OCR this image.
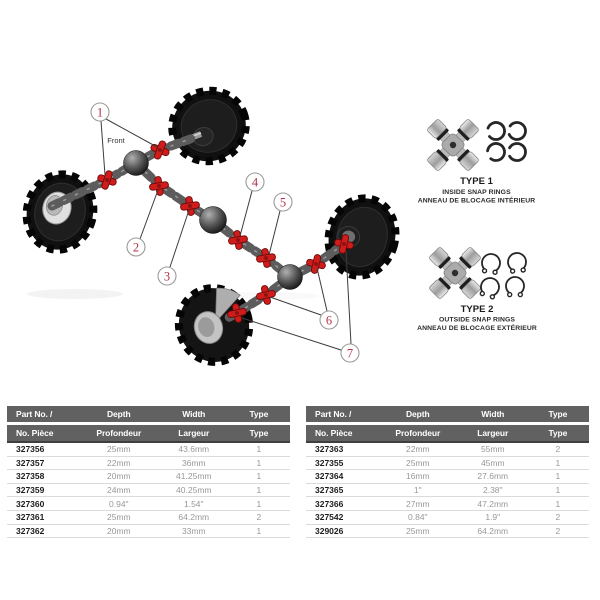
1
2
3
4
5
6
7
Front
TYPE 1
INSIDE SNAP RINGS
ANNEAU DE BLOCAGE INTÉRIEUR
TYPE 2
OUTSIDE SNAP RINGS
ANNEAU DE BLOCAGE EXTÉRIEUR
Part No. /	Depth	Width	Type
No. Pièce	Profondeur	Largeur	Type
327356	25mm	43.6mm	1
327357	22mm	36mm	1
327358	20mm	41.25mm	1
327359	24mm	40.25mm	1
327360	0.94"	1.54"	1
327361	25mm	64.2mm	2
327362	20mm	33mm	1
Part No. /	Depth	Width	Type
No. Pièce	Profondeur	Largeur	Type
327363	22mm	55mm	2
327355	25mm	45mm	1
327364	16mm	27.6mm	1
327365	1"	2.38"	1
327366	27mm	47.2mm	1
327542	0.84"	1.9"	2
329026	25mm	64.2mm	2
